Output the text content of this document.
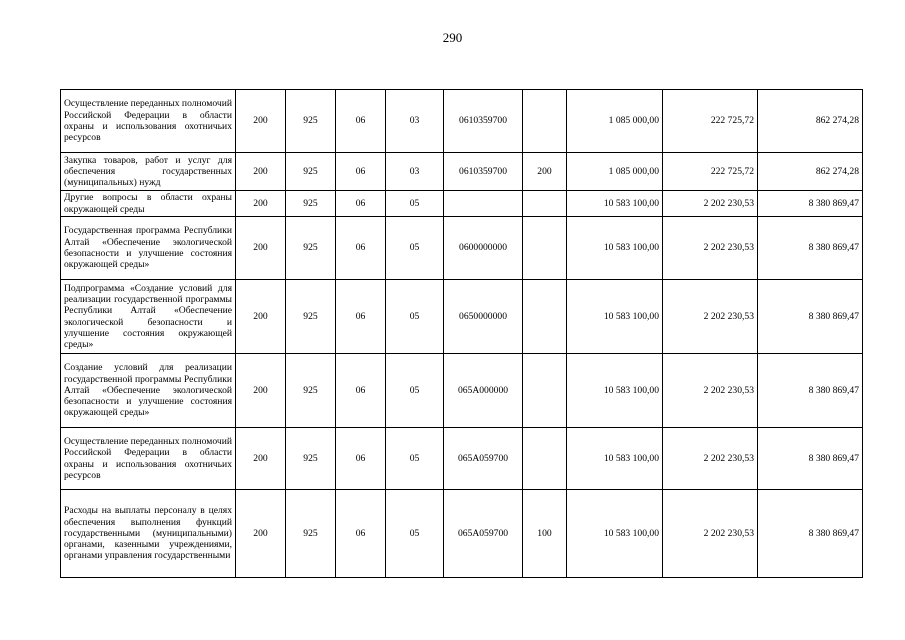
290
Осуществление переданных полномочий Российской Федерации в области охраны и использования охотничьих ресурсов	200	925	06	03	0610359700		1 085 000,00	222 725,72	862 274,28
Закупка товаров, работ и услуг для обеспечения государственных (муниципальных) нужд	200	925	06	03	0610359700	200	1 085 000,00	222 725,72	862 274,28
Другие вопросы в области охраны окружающей среды	200	925	06	05			10 583 100,00	2 202 230,53	8 380 869,47
Государственная программа Республики Алтай «Обеспечение экологической безопасности и улучшение состояния окружающей среды»	200	925	06	05	0600000000		10 583 100,00	2 202 230,53	8 380 869,47
Подпрограмма «Создание условий для реализации государственной программы Республики Алтай «Обеспечение экологической безопасности и улучшение состояния окружающей среды»	200	925	06	05	0650000000		10 583 100,00	2 202 230,53	8 380 869,47
Создание условий для реализации государственной программы Республики Алтай «Обеспечение экологической безопасности и улучшение состояния окружающей среды»	200	925	06	05	065А000000		10 583 100,00	2 202 230,53	8 380 869,47
Осуществление переданных полномочий Российской Федерации в области охраны и использования охотничьих ресурсов	200	925	06	05	065А059700		10 583 100,00	2 202 230,53	8 380 869,47
Расходы на выплаты персоналу в целях обеспечения выполнения функций государственными (муниципальными) органами, казенными учреждениями, органами управления государственными	200	925	06	05	065А059700	100	10 583 100,00	2 202 230,53	8 380 869,47
